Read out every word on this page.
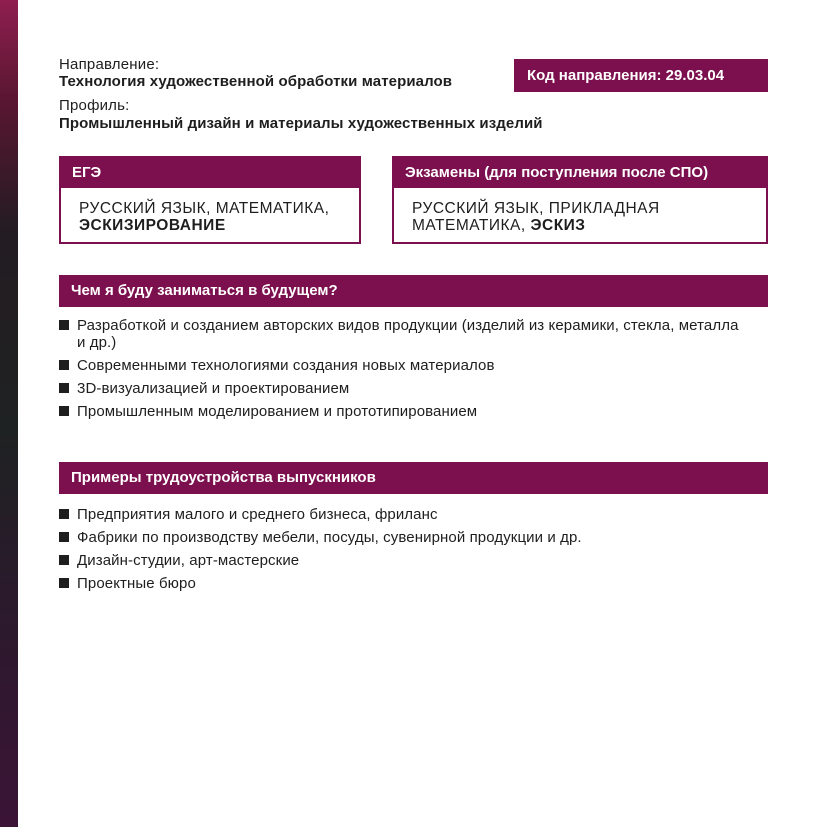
Направление:
Технология художественной обработки материалов	Код направления: 29.03.04
Профиль:
Промышленный дизайн и материалы художественных изделий
ЕГЭ
РУССКИЙ ЯЗЫК, МАТЕМАТИКА,
ЭСКИЗИРОВАНИЕ
Экзамены (для поступления после СПО)
РУССКИЙ ЯЗЫК, ПРИКЛАДНАЯ МАТЕМАТИКА, ЭСКИЗ
Чем я буду заниматься в будущем?
Разработкой и созданием авторских видов продукции (изделий из керамики, стекла, металла и др.)
Современными технологиями создания новых материалов
3D-визуализацией и проектированием
Промышленным моделированием и прототипированием
Примеры трудоустройства выпускников
Предприятия малого и среднего бизнеса, фриланс
Фабрики по производству мебели, посуды, сувенирной продукции и др.
Дизайн-студии, арт-мастерские
Проектные бюро
